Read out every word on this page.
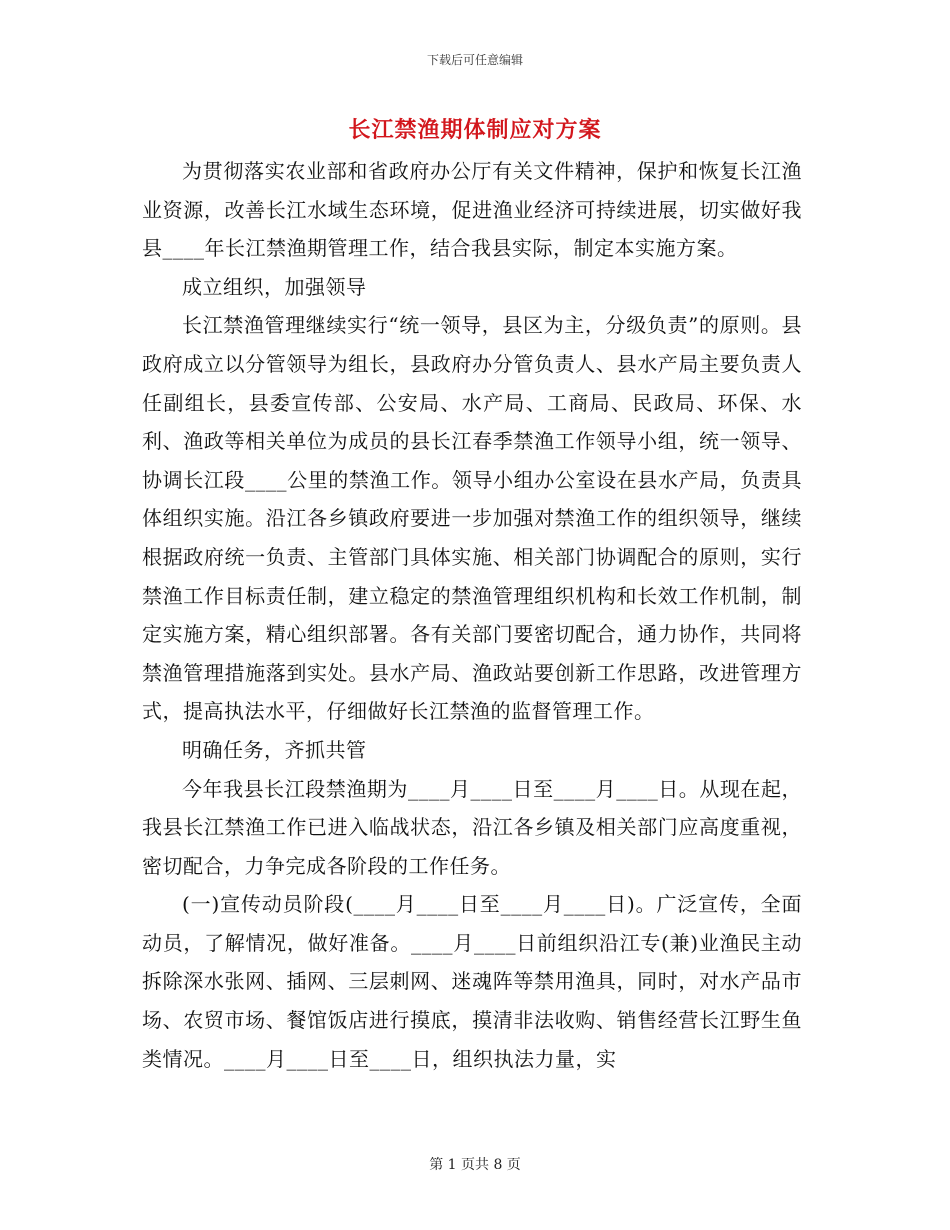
下载后可任意编辑
长江禁渔期体制应对方案

为贯彻落实农业部和省政府办公厅有关文件精神，保护和恢复长江渔业资源，改善长江水域生态环境，促进渔业经济可持续进展，切实做好我县____年长江禁渔期管理工作，结合我县实际，制定本实施方案。

成立组织，加强领导

长江禁渔管理继续实行“统一领导，县区为主，分级负责”的原则。县政府成立以分管领导为组长，县政府办分管负责人、县水产局主要负责人任副组长，县委宣传部、公安局、水产局、工商局、民政局、环保、水利、渔政等相关单位为成员的县长江春季禁渔工作领导小组，统一领导、协调长江段____公里的禁渔工作。领导小组办公室设在县水产局，负责具体组织实施。沿江各乡镇政府要进一步加强对禁渔工作的组织领导，继续根据政府统一负责、主管部门具体实施、相关部门协调配合的原则，实行禁渔工作目标责任制，建立稳定的禁渔管理组织机构和长效工作机制，制定实施方案，精心组织部署。各有关部门要密切配合，通力协作，共同将禁渔管理措施落到实处。县水产局、渔政站要创新工作思路，改进管理方式，提高执法水平，仔细做好长江禁渔的监督管理工作。

明确任务，齐抓共管

今年我县长江段禁渔期为____月____日至____月____日。从现在起，我县长江禁渔工作已进入临战状态，沿江各乡镇及相关部门应高度重视，密切配合，力争完成各阶段的工作任务。

(一)宣传动员阶段(____月____日至____月____日)。广泛宣传，全面动员，了解情况，做好准备。____月____日前组织沿江专(兼)业渔民主动拆除深水张网、插网、三层刺网、迷魂阵等禁用渔具，同时，对水产品市场、农贸市场、餐馆饭店进行摸底，摸清非法收购、销售经营长江野生鱼类情况。____月____日至____日，组织执法力量，实

第 1 页共 8 页
